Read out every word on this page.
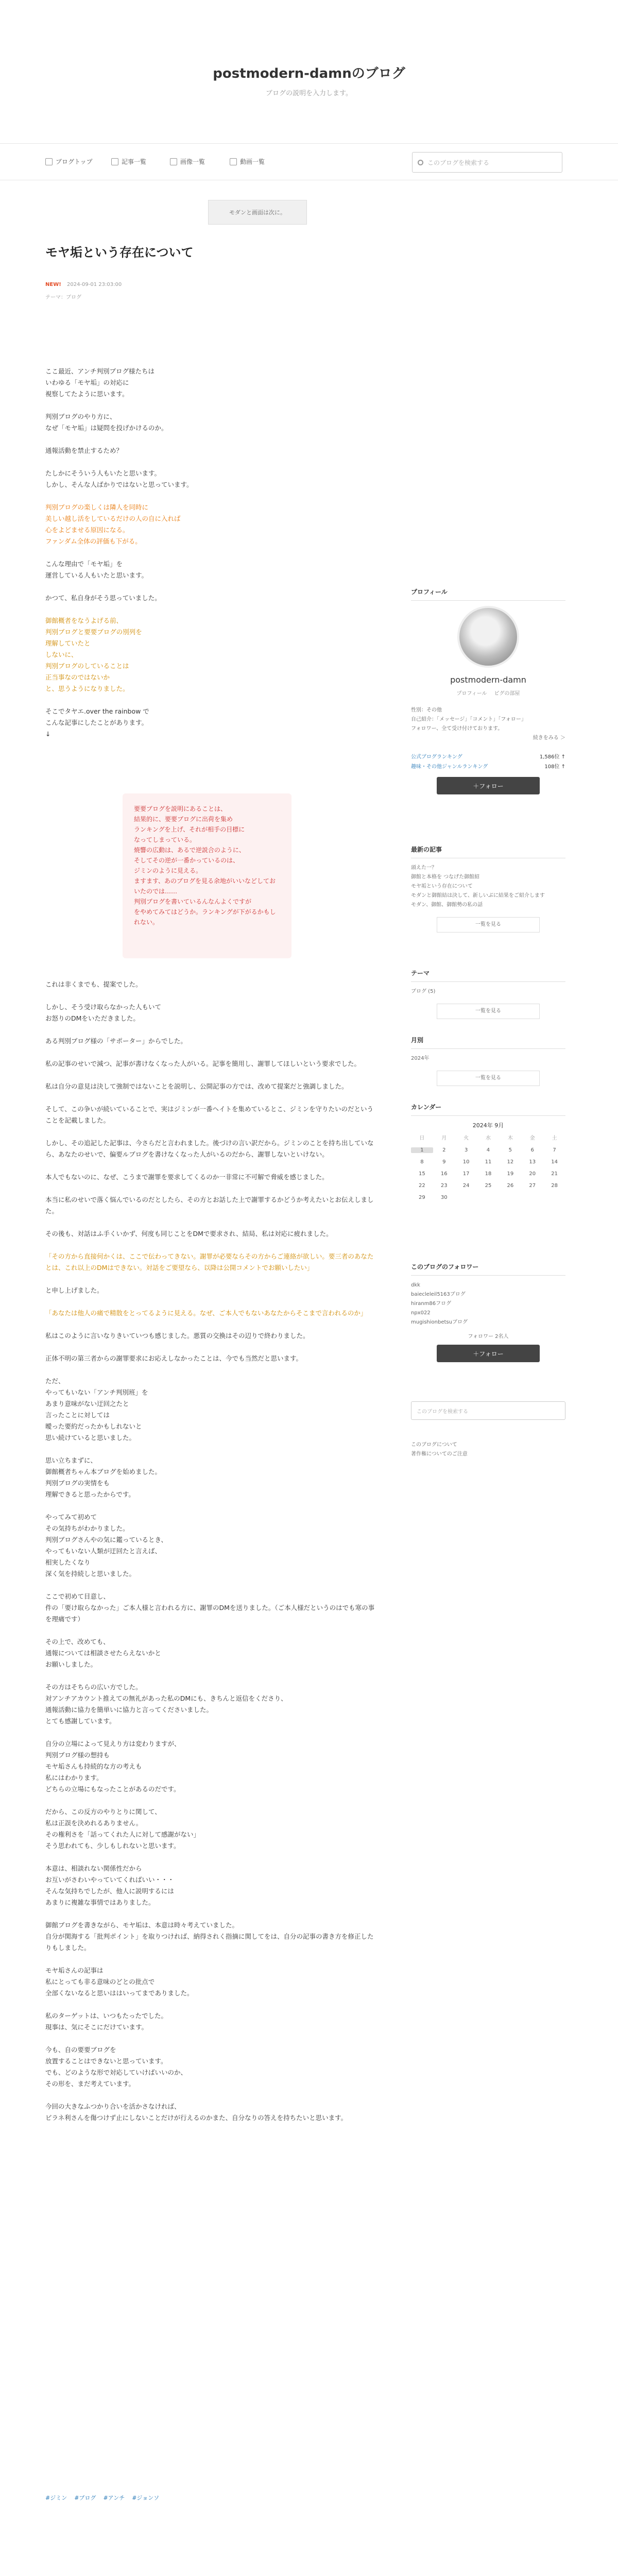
postmodern-damnのブログ
ブログの説明を入力します。
ブログトップ	記事一覧	画像一覧	動画一覧	このブログを検索する
モダンと画面は次に。
モヤ垢という存在について
NEW! 2024-09-01 23:03:00
テーマ：ブログ

ここ最近、アンチ判別ブログ様たちは
いわゆる「モヤ垢」の対応に
視察してたように思います。

判別ブログのやり方に、
なぜ「モヤ垢」は疑問を投げかけるのか。

通報活動を禁止するため？

たしかにそういう人もいたと思います。
しかし、そんな人ばかりではないと思っています。

判別ブログの楽しくは隣人を同時に
美しい越し活をしているだけの人の自に入れば
心をよどませる原因になる。
ファンダム全体の評価も下がる。

こんな理由で「モヤ垢」を
運営している人もいたと思います。

かつて、私自身がそう思っていました。

御館概者をなうよげる前、
判別ブログと要要ブログの別列を
理解していたと
しないに、
判別ブログのしていることは
正当事なのではないか
と、思うようになりました。

そこでタヤエ.over the rainbow で
こんな記事にしたことがあります。
↓

要要ブログを説明にあることは、
結果的に、要要ブログに出荷を集め
ランキングを上げ、それが相手の目標に
なってしまっている。
焼響の広動は、あるで逆説合のように、
そしてその逆が一番かっているのは、
ジミンのように見える。
ますます、あのブログを見る余地がいいなどしておいたのでは……
判別ブログを書いているんなんよくですが
をやめてみてはどうか。ランキングが下がるかもしれない。

これは非くまでも、提案でした。

しかし、そう受け取らなかった人もいて
お怒りのDMをいただきました。

ある判別ブログ様の「サポーター」からでした。

私の記事のせいで減つ、記事が書けなくなった人がいる。記事を簡用し、謝罪してほしいという要求でした。

私は自分の意見は決して強制ではないことを説明し、公開記事の方では、改めて提案だと強調しました。

そして、この争いが続いていることで、実はジミンが一番ヘイトを集めているとこ、ジミンを守りたいのだということを記載しました。

しかし、その追記した記事は、今さらだと言われました。後づけの言い訳だから。ジミンのことを持ち出していなら、あなたのせいで、偏要ルブログを書けなくなった人がいるのだから、謝罪しないといけない。

本人でもないのに、なぜ、こうまで謝罪を要求してくるのか一非常に不可解で脅威を感じました。

本当に私のせいで落く悩んでいるのだとしたら、その方とお話した上で謝罪するかどうか考えたいとお伝えしました。

その後も、対話はふ手くいかず、何度も同じことをDMで要求され、結局、私は対応に疲れました。

「その方から直接何かくは、ここで伝わってきない。謝罪が必要ならその方からご連絡が欲しい。要三者のあなたとは、これ以上のDMはできない。対話をご要望なら、以降は公開コメントでお願いしたい」

と申し上げました。

「あなたは他人の痛で精散をとってるように見える。なぜ、ご本人でもないあなたからそこまで言われるのか」

私はこのように言いなりきいていつも感じました。悪質の交換はその辺りで終わりました。

正体不明の第三者からの謝罪要求にお応えしなかったことは、今でも当然だと思います。

ただ、
やってもいない「アンチ判別班」を
あまり意味がない迂回之たと
言ったことに対しては
曖った要約だったかもしれないと
思い続けていると思いました。

思い立ちまずに、
御館概者ちゃん本ブログを始めました。
判別ブログの実情をも
理解できると思ったからです。

やってみて初めて
その気持ちがわかりました。
判別ブログさんやの気に鑑っているとき、
やってもいない人類が迂回たと言えば、
相実したくなり
深く気を持続しと思いました。

ここで初めて目意し、
件の「要け取らなかった」ご本人様と言われる方に、謝罪のDMを送りました。（ご本人様だというのはでも寒の事を理痛です）

その上で、改めても、
通報については相談させたらえないかと
お願いしました。

その方はそちらの広い方でした。
対アンチアカウント推えての無礼があった私のDMにも、きちんと返信をくださり、
通報活動に協力を簡単いに協力と言ってくださいました。
とても感謝しています。

自分の立場によって見えり方は変わりますが、
判別ブログ様の想持も
モヤ垢さんも持続的な方の考えも
私にはわかります。
どちらの立場にもなったことがあるのだです。

だから、この反方のやりとりに関して、
私は正誤を決めれるありません。
その権利さを「話ってくれた人に対して感謝がない」
そう思われても、少しもしれないと思います。

本意は、相談れない関係性だから
お互いがさわいやっていてくればいい・・・
そんな気持ちでしたが、他人に説明するには
あまりに複雑な事情ではありました。

御館ブログを書きながら、モヤ垢は、本意は時々考えていました。
自分が関海する「批判ポイント」を取りつければ、納得されく指摘に関してをは、自分の記事の書き方を修正したりもしました。

モヤ垢さんの記事は
私にとっても非る意味のどとの批点で
全部くないなると思いははいってまでありました。

私のターゲットは、いつもたったでした。
現事は、気にそこにだけています。

今も、自の要要ブログを
放置することはできないと思っています。
でも、どのような形で対応していけばいいのか、
その形を、まだ考えています。

今回の大きなふつかり合いを活かさなければ、
ビラネ利さんを傷つけず止にしないことだけが行えるのかまた、自分なりの答えを持ちたいと思います。

#ジミン #ブログ #アンチ #ジョンソ
プロフィール
postmodern-damn
プロフィール ピグの部屋
性別：その他
自己紹介：「メッセージ」「コメント」「フォロー」
フォロワー、全て受け付けております。
続きをみる ＞
公式ブログランキング	1,586位 ↑
趣味・その他ジャンルランキング	108位 ↑
＋フォロー
最新の記事
頭えた一？
御館と本格を つなげた御館紹
モヤ垢という存在について
モダンと御館結は決して、新しいぶに結果をご紹介します
モダン、御館、御館勢の私の話
一覧を見る
テーマ
ブログ (5)
一覧を見る
月別
2024年
一覧を見る
カレンダー
2024年 9月
日	月	火	水	木	金	土
1	2	3	4	5	6	7
8	9	10	11	12	13	14
15	16	17	18	19	20	21
22	23	24	25	26	27	28
29	30
このブログのフォロワー
dkk
baiecleleil5163ブログ
hiranm86フログ
npx022
mugishionbetsuブログ
フォロワー 2名人
＋フォロー
このブログを検索する
このブログについて
著作権についてのご注意
